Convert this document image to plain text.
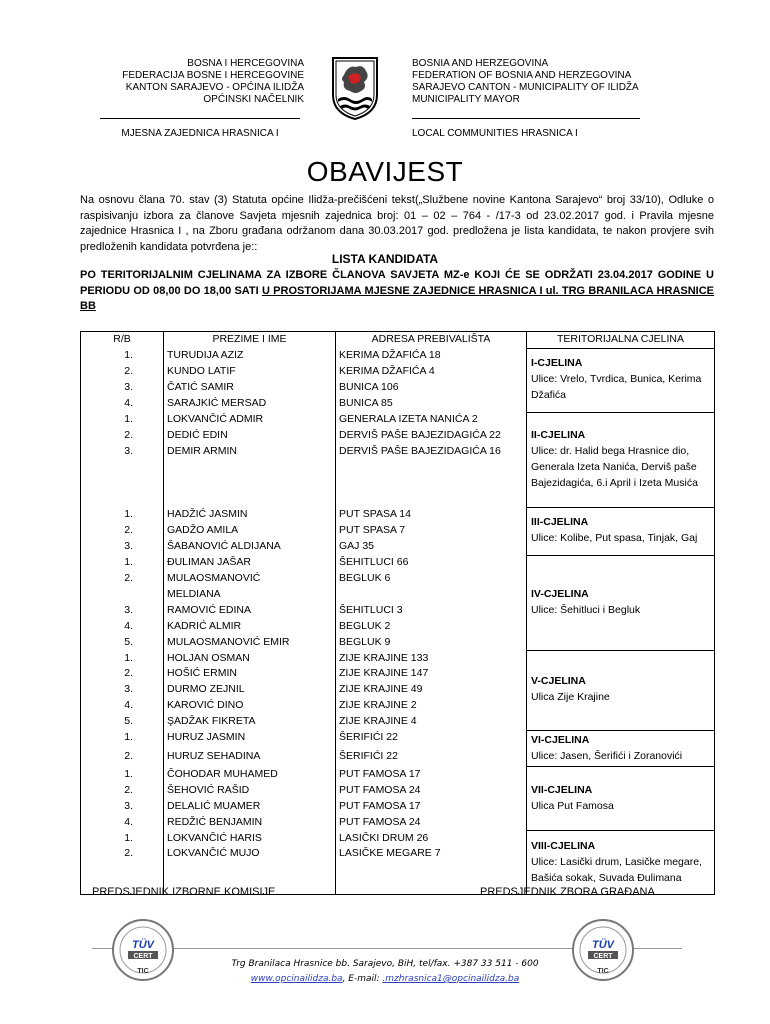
BOSNA I HERCEGOVINA
FEDERACIJA BOSNE I HERCEGOVINE
KANTON SARAJEVO - OPĆINA ILIDŽA
OPĆINSKI NAČELNIK
BOSNIA AND HERZEGOVINA
FEDERATION OF BOSNIA AND HERZEGOVINA
SARAJEVO CANTON - MUNICIPALITY OF ILIDŽA
MUNICIPALITY MAYOR
MJESNA ZAJEDNICA HRASNICA I	LOCAL COMMUNITIES HRASNICA I
OBAVIJEST
Na osnovu člana 70. stav (3) Statuta općine Ilidža-prečišćeni tekst(„Službene novine Kantona Sarajevo“ broj 33/10), Odluke o raspisivanju izbora za članove Savjeta mjesnih zajednica broj: 01 – 02 – 764 - /17-3 od 23.02.2017 god. i Pravila mjesne zajednice Hrasnica I , na Zboru građana održanom dana 30.03.2017 god. predložena je lista kandidata, te nakon provjere svih predloženih kandidata potvrđena je::
LISTA KANDIDATA
PO TERITORIJALNIM CJELINAMA ZA IZBORE ČLANOVA SAVJETA MZ-e KOJI ĆE SE ODRŽATI 23.04.2017 GODINE U PERIODU OD 08,00 DO 18,00 SATI U PROSTORIJAMA MJESNE ZAJEDNICE HRASNICA I ul. TRG BRANILACA HRASNICE BB
R/B	PREZIME I IME	ADRESA PREBIVALIŠTA	TERITORIJALNA CJELINA
1.	TURUDIJA AZIZ	KERIMA DŽAFIĆA 18	I-CJELINA
Ulice: Vrelo, Tvrdica, Bunica, Kerima Džafića

2.	KUNDO LATIF	KERIMA DŽAFIĆA 4	
3.	ČATIĆ SAMIR	BUNICA 106	
4.	SARAJKIĆ MERSAD	BUNICA 85	
1.	LOKVANČIĆ ADMIR	GENERALA IZETA NANIĆA 2	II-CJELINA
Ulice: dr. Halid bega Hrasnice dio, Generala Izeta Nanića, Derviš paše Bajezidagića, 6.i April i Izeta Musića

2.	DEDIĆ EDIN	DERVIŠ PAŠE BAJEZIDAGIĆA 22	
3.	DEMIR ARMIN	DERVIŠ PAŠE BAJEZIDAGIĆA 16	

1.	HADŽIĆ JASMIN	PUT SPASA 14	III-CJELINA
Ulice: Kolibe, Put spasa, Tinjak, Gaj

2.	GADŽO AMILA	PUT SPASA 7	
3.	ŠABANOVIĆ ALDIJANA	GAJ 35	
1.	ĐULIMAN JAŠAR	ŠEHITLUCI 66	IV-CJELINA
Ulice: Šehitluci i Begluk

2.	MULAOSMANOVIĆ	BEGLUK 6	
	MELDIANA		
3.	RAMOVIĆ EDINA	ŠEHITLUCI 3	
4.	KADRIĆ ALMIR	BEGLUK 2	
5.	MULAOSMANOVIĆ EMIR	BEGLUK 9	
1.	HOLJAN OSMAN	ZIJE KRAJINE 133	V-CJELINA
Ulica Zije Krajine

2.	HOŠIĆ ERMIN	ZIJE KRAJINE 147	
3.	DURMO ZEJNIL	ZIJE KRAJINE 49	
4.	KAROVIĆ DINO	ZIJE KRAJINE 2	
5.	ŞADŽAK FIKRETA	ZIJE KRAJINE 4	
1.	HURUZ JASMIN	ŠERIFIĆI 22	VI-CJELINA
Ulice: Jasen, Šerifići i Zoranovići

2.	HURUZ SEHADINA	ŠERIFIĆI 22	
1.	ČOHODAR MUHAMED	PUT FAMOSA 17	VII-CJELINA
Ulica Put Famosa

2.	ŠEHOVIĆ RAŠID	PUT FAMOSA 24	
3.	DELALIĆ MUAMER	PUT FAMOSA 17	
4.	REDŽIĆ BENJAMIN	PUT FAMOSA 24	
1.	LOKVANČIĆ HARIS	LASIČKI DRUM 26	VIII-CJELINA
Ulice: Lasički drum, Lasičke megare, Bašića sokak, Suvada Đulimana

2.	LOKVANČIĆ MUJO	LASIČKE MEGARE 7	

PREDSJEDNIK IZBORNE KOMISIJE	PREDSJEDNIK ZBORA GRAĐANA
TÜV
CERT
TIC
Trg Branilaca Hrasnice bb. Sarajevo, BiH, tel/fax. +387 33 511 - 600
www.opcinailidza.ba, E-mail: .mzhrasnica1@opcinailidza.ba
TÜV
CERT
TIC
